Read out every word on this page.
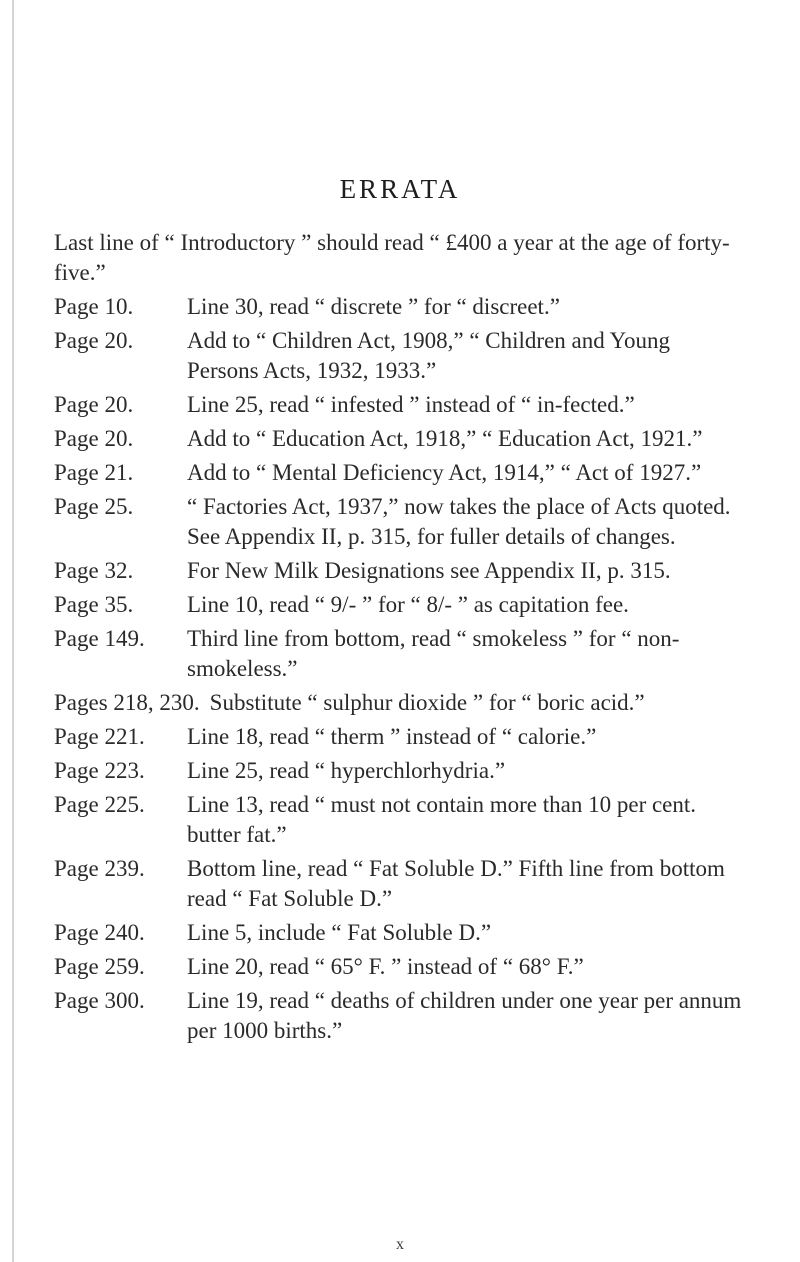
ERRATA

Last line of “ Introductory ” should read “ £400 a year at the age of forty-five.”

Page 10.	Line 30, read “ discrete ” for “ discreet.”
Page 20.	Add to “ Children Act, 1908,” “ Children and Young Persons Acts, 1932, 1933.”
Page 20.	Line 25, read “ infested ” instead of “ in-fected.”
Page 20.	Add to “ Education Act, 1918,” “ Education Act, 1921.”
Page 21.	Add to “ Mental Deficiency Act, 1914,” “ Act of 1927.”
Page 25.	“ Factories Act, 1937,” now takes the place of Acts quoted. See Appendix II, p. 315, for fuller details of changes.
Page 32.	For New Milk Designations see Appendix II, p. 315.
Page 35.	Line 10, read “ 9/- ” for “ 8/- ” as capitation fee.
Page 149.	Third line from bottom, read “ smokeless ” for “ non-smokeless.”
Pages 218, 230. Substitute “ sulphur dioxide ” for “ boric acid.”
Page 221.	Line 18, read “ therm ” instead of “ calorie.”
Page 223.	Line 25, read “ hyperchlorhydria.”
Page 225.	Line 13, read “ must not contain more than 10 per cent. butter fat.”
Page 239.	Bottom line, read “ Fat Soluble D.” Fifth line from bottom read “ Fat Soluble D.”
Page 240.	Line 5, include “ Fat Soluble D.”
Page 259.	Line 20, read “ 65° F. ” instead of “ 68° F.”
Page 300.	Line 19, read “ deaths of children under one year per annum per 1000 births.”
x
